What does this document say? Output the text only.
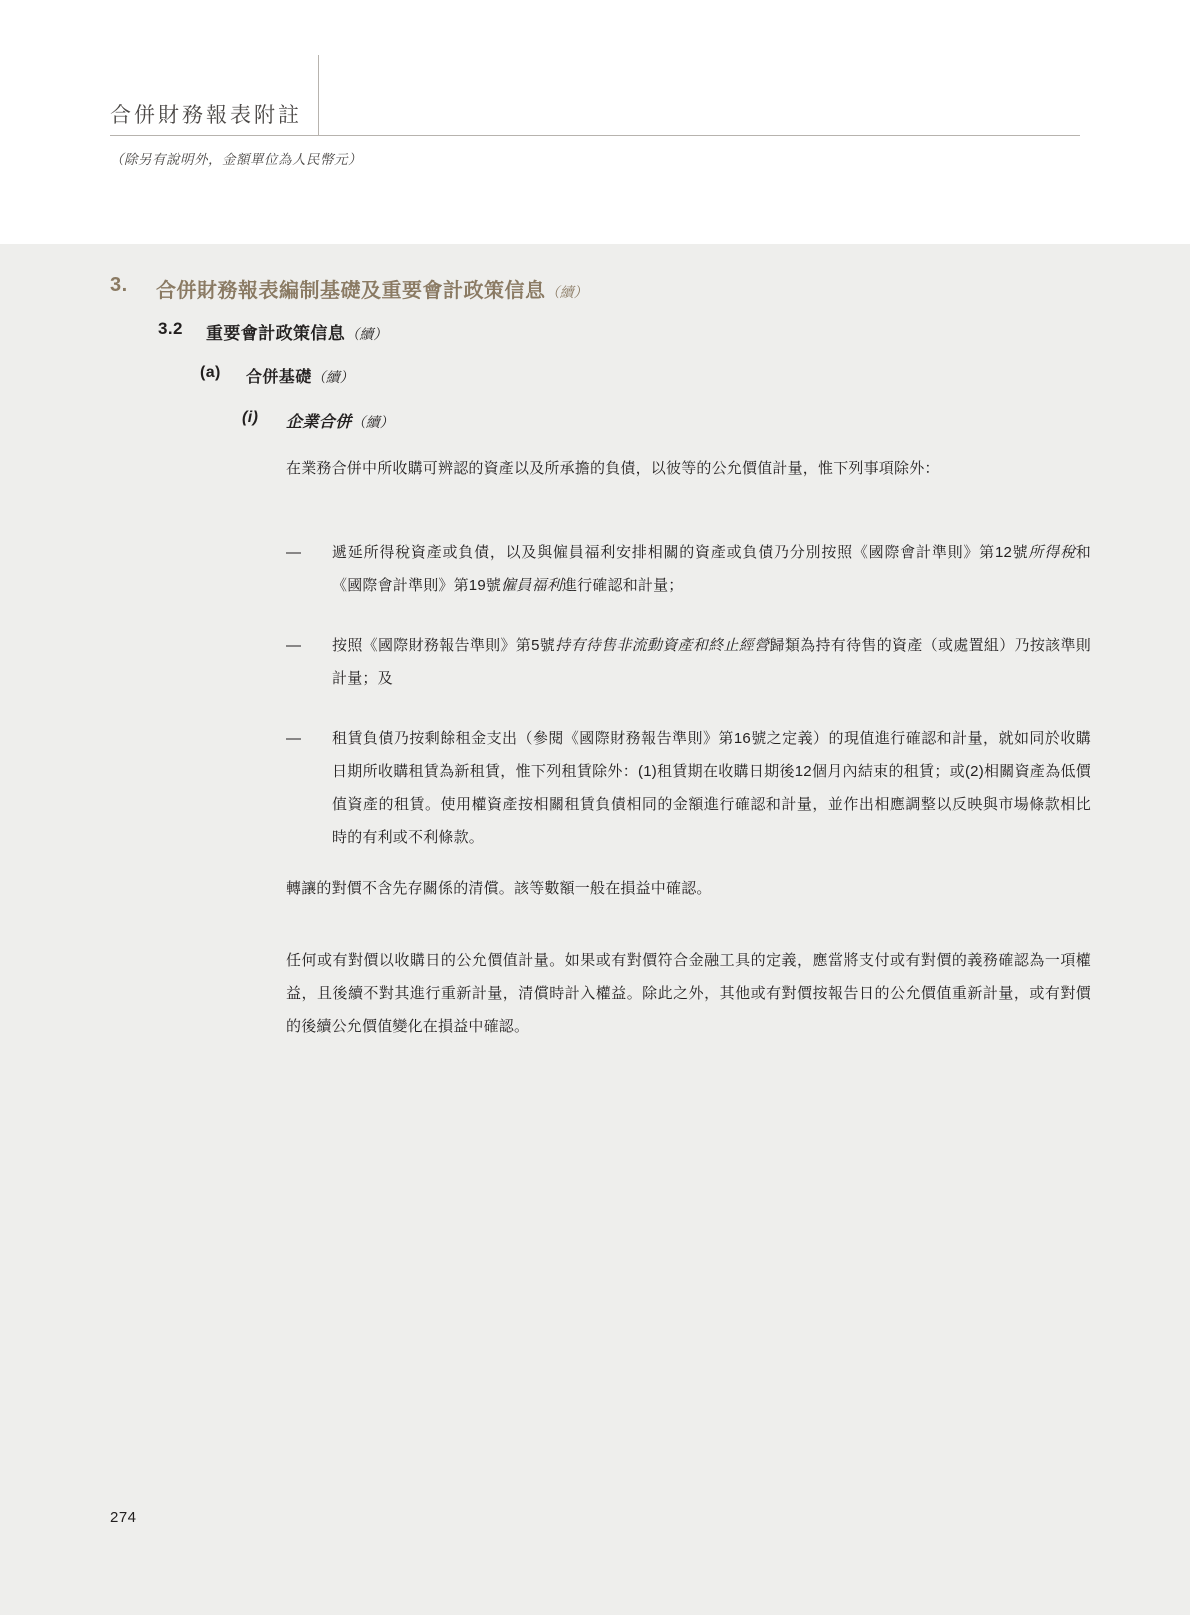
合併財務報表附註
（除另有說明外，金額單位為人民幣元）
3.	合併財務報表編制基礎及重要會計政策信息（續）
3.2	重要會計政策信息（續）
(a)	合併基礎（續）
(i)	企業合併（續）
在業務合併中所收購可辨認的資產以及所承擔的負債，以彼等的公允價值計量，惟下列事項除外：
—	遞延所得稅資產或負債，以及與僱員福利安排相關的資產或負債乃分別按照《國際會計準則》第12號所得稅和《國際會計準則》第19號僱員福利進行確認和計量；
—	按照《國際財務報告準則》第5號持有待售非流動資產和終止經營歸類為持有待售的資產（或處置組）乃按該準則計量；及
—	租賃負債乃按剩餘租金支出（參閱《國際財務報告準則》第16號之定義）的現值進行確認和計量，就如同於收購日期所收購租賃為新租賃，惟下列租賃除外：(1)租賃期在收購日期後12個月內結束的租賃；或(2)相關資產為低價值資產的租賃。使用權資產按相關租賃負債相同的金額進行確認和計量，並作出相應調整以反映與市場條款相比時的有利或不利條款。
轉讓的對價不含先存關係的清償。該等數額一般在損益中確認。
任何或有對價以收購日的公允價值計量。如果或有對價符合金融工具的定義，應當將支付或有對價的義務確認為一項權益，且後續不對其進行重新計量，清償時計入權益。除此之外，其他或有對價按報告日的公允價值重新計量，或有對價的後續公允價值變化在損益中確認。
274
